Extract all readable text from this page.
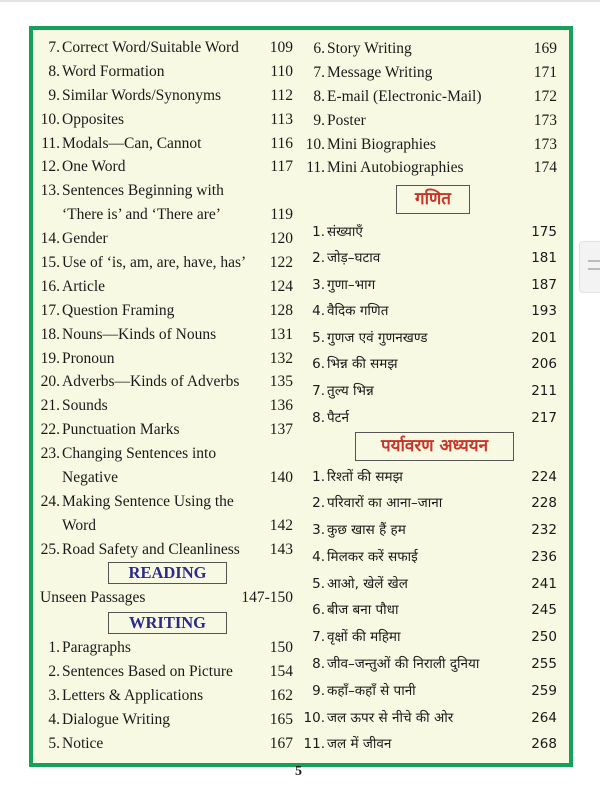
7. Correct Word/Suitable Word 109
8. Word Formation	110
9. Similar Words/Synonyms	112
10. Opposites	113
11. Modals—Can, Cannot	116
12. One Word	117
13. Sentences Beginning with
‘There is’ and ‘There are’	119
14. Gender	120
15. Use of ‘is, am, are, have, has’ 122
16. Article	124
17. Question Framing	128
18. Nouns—Kinds of Nouns	131
19. Pronoun	132
20. Adverbs—Kinds of Adverbs 135
21. Sounds	136
22. Punctuation Marks	137
23. Changing Sentences into
Negative	140
24. Making Sentence Using the
Word	142
25. Road Safety and Cleanliness 143
READING
Unseen Passages	147-150
WRITING
1. Paragraphs	150
2. Sentences Based on Picture 154
3. Letters & Applications	162
4. Dialogue Writing	165
5. Notice	167
6. Story Writing	169
7. Message Writing	171
8. E-mail (Electronic-Mail)	172
9. Poster	173
10. Mini Biographies	173
11. Mini Autobiographies	174
गणित
1. संख्याएँ	175
2. जोड़–घटाव	181
3. गुणा–भाग	187
4. वैदिक गणित	193
5. गुणज एवं गुणनखण्ड	201
6. भिन्न की समझ	206
7. तुल्य भिन्न	211
8. पैटर्न	217
पर्यावरण अध्ययन
1. रिश्तों की समझ	224
2. परिवारों का आना–जाना	228
3. कुछ खास हैं हम	232
4. मिलकर करें सफाई	236
5. आओ, खेलें खेल	241
6. बीज बना पौधा	245
7. वृक्षों की महिमा	250
8. जीव–जन्तुओं की निराली दुनिया	255
9. कहाँ–कहाँ से पानी	259
10. जल ऊपर से नीचे की ओर	264
11. जल में जीवन	268
5
